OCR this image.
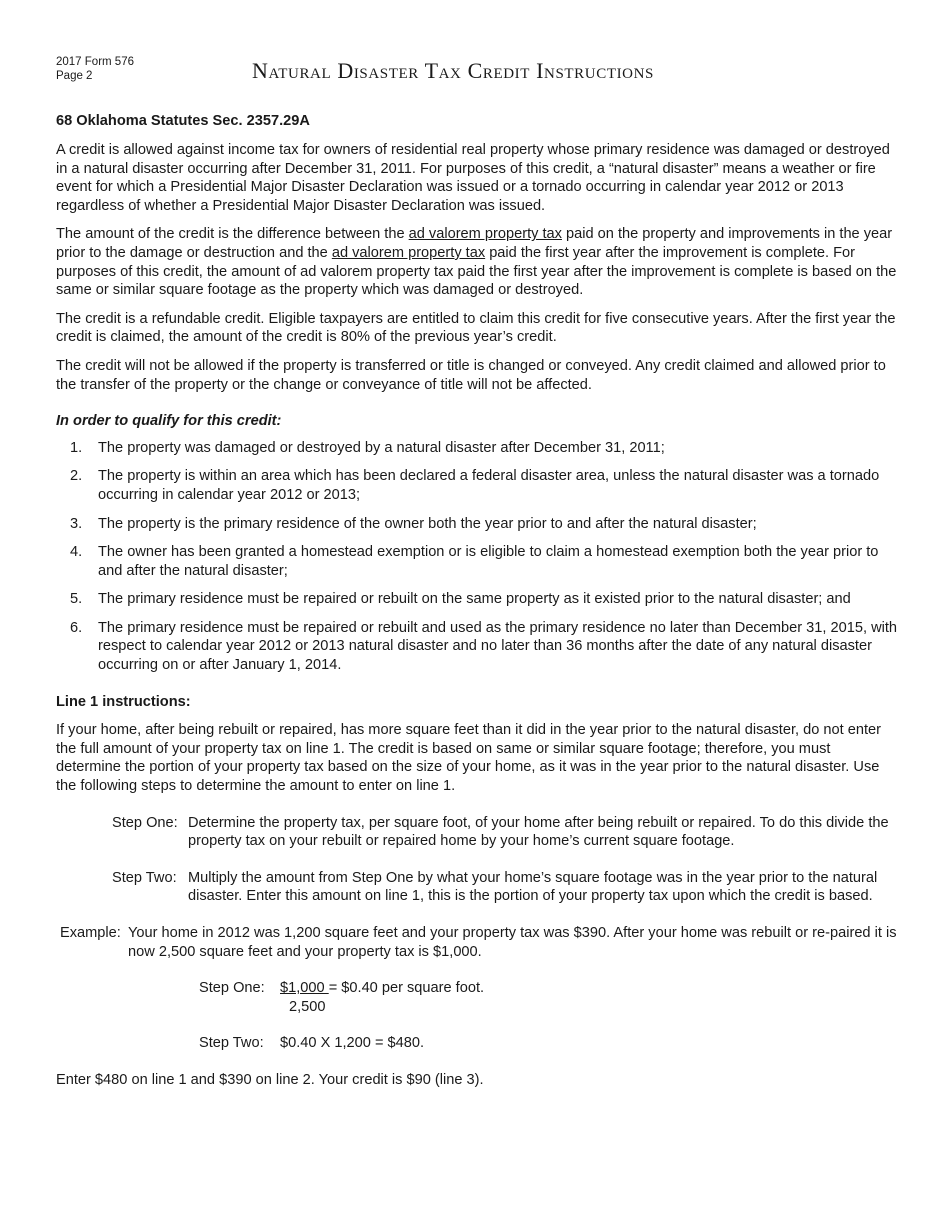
2017 Form 576
Page 2	Natural Disaster Tax Credit Instructions

68 Oklahoma Statutes Sec. 2357.29A

A credit is allowed against income tax for owners of residential real property whose primary residence was damaged or destroyed in a natural disaster occurring after December 31, 2011. For purposes of this credit, a “natural disaster” means a weather or fire event for which a Presidential Major Disaster Declaration was issued or a tornado occurring in calendar year 2012 or 2013 regardless of whether a Presidential Major Disaster Declaration was issued.

The amount of the credit is the difference between the ad valorem property tax paid on the property and improvements in the year prior to the damage or destruction and the ad valorem property tax paid the first year after the improvement is complete. For purposes of this credit, the amount of ad valorem property tax paid the first year after the improvement is complete is based on the same or similar square footage as the property which was damaged or destroyed.

The credit is a refundable credit. Eligible taxpayers are entitled to claim this credit for five consecutive years. After the first year the credit is claimed, the amount of the credit is 80% of the previous year’s credit.

The credit will not be allowed if the property is transferred or title is changed or conveyed. Any credit claimed and allowed prior to the transfer of the property or the change or conveyance of title will not be affected.

In order to qualify for this credit:
1. The property was damaged or destroyed by a natural disaster after December 31, 2011;
2. The property is within an area which has been declared a federal disaster area, unless the natural disaster was a tornado occurring in calendar year 2012 or 2013;
3. The property is the primary residence of the owner both the year prior to and after the natural disaster;
4. The owner has been granted a homestead exemption or is eligible to claim a homestead exemption both the year prior to and after the natural disaster;
5. The primary residence must be repaired or rebuilt on the same property as it existed prior to the natural disaster; and
6. The primary residence must be repaired or rebuilt and used as the primary residence no later than December 31, 2015, with respect to calendar year 2012 or 2013 natural disaster and no later than 36 months after the date of any natural disaster occurring on or after January 1, 2014.
Line 1 instructions:

If your home, after being rebuilt or repaired, has more square feet than it did in the year prior to the natural disaster, do not enter the full amount of your property tax on line 1. The credit is based on same or similar square footage; therefore, you must determine the portion of your property tax based on the size of your home, as it was in the year prior to the natural disaster. Use the following steps to determine the amount to enter on line 1.

Step One: Determine the property tax, per square foot, of your home after being rebuilt or repaired. To do this divide the property tax on your rebuilt or repaired home by your home’s current square footage.
Step Two: Multiply the amount from Step One by what your home’s square footage was in the year prior to the natural disaster. Enter this amount on line 1, this is the portion of your property tax upon which the credit is based.
Example: Your home in 2012 was 1,200 square feet and your property tax was $390. After your home was rebuilt or re-paired it is now 2,500 square feet and your property tax is $1,000.
Step One:	$1,000 = $0.40 per square foot.
2,500
Step Two:	$0.40 X 1,200 = $480.

Enter $480 on line 1 and $390 on line 2. Your credit is $90 (line 3).
